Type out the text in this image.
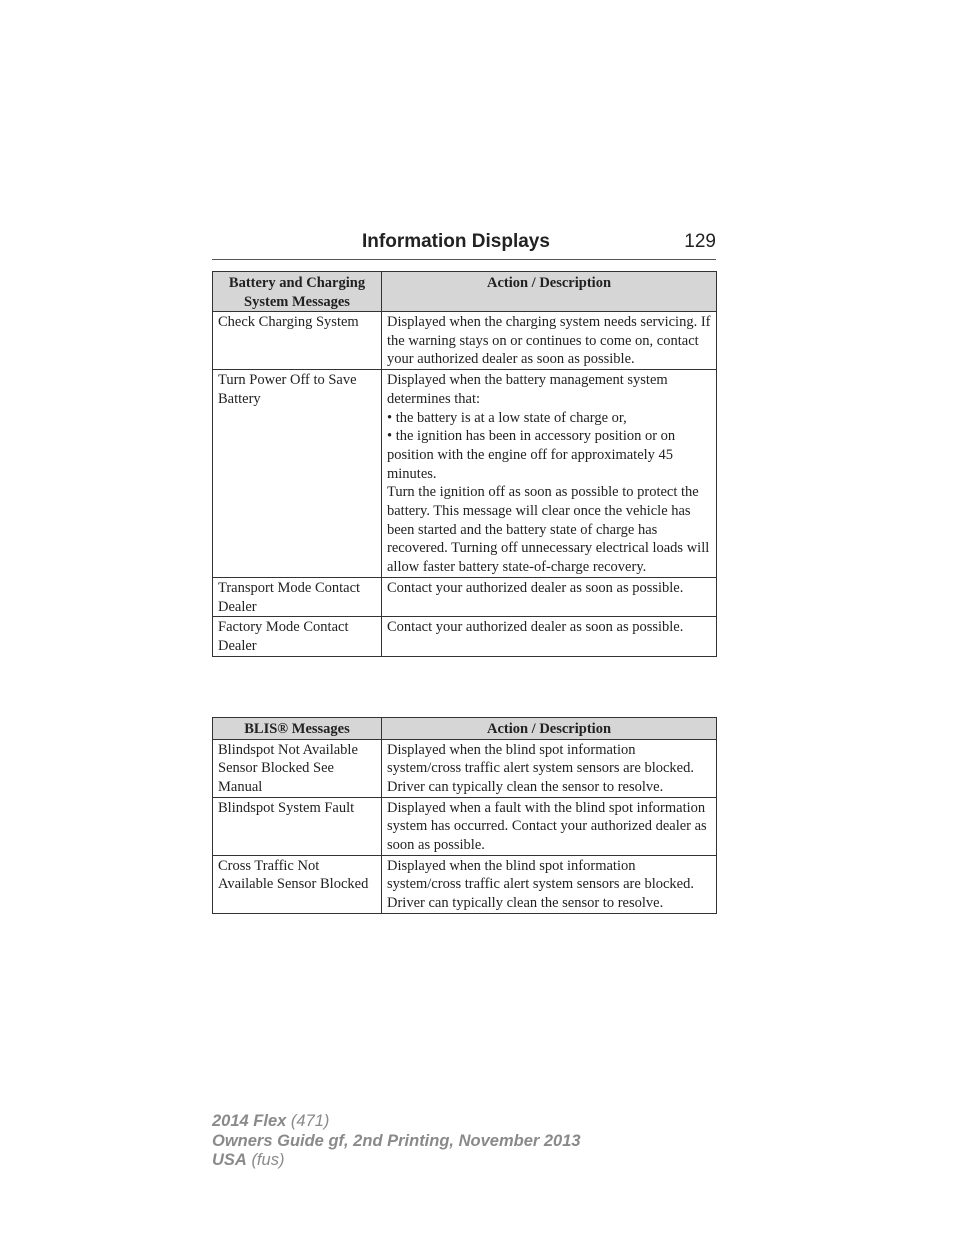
Information Displays	129
Battery and Charging System Messages	Action / Description
Check Charging System	Displayed when the charging system needs servicing. If the warning stays on or continues to come on, contact your authorized dealer as soon as possible.

Turn Power Off to Save Battery	Displayed when the battery management system determines that:

• the battery is at a low state of charge or,

• the ignition has been in accessory position or on position with the engine off for approximately 45 minutes.

Turn the ignition off as soon as possible to protect the battery. This message will clear once the vehicle has been started and the battery state of charge has recovered. Turning off unnecessary electrical loads will allow faster battery state-of-charge recovery.

Transport Mode Contact Dealer	Contact your authorized dealer as soon as possible.

Factory Mode Contact Dealer	Contact your authorized dealer as soon as possible.

BLIS® Messages	Action / Description
Blindspot Not Available Sensor Blocked See Manual	Displayed when the blind spot information system/cross traffic alert system sensors are blocked. Driver can typically clean the sensor to resolve.

Blindspot System Fault	Displayed when a fault with the blind spot information system has occurred. Contact your authorized dealer as soon as possible.

Cross Traffic Not Available Sensor Blocked	Displayed when the blind spot information system/cross traffic alert system sensors are blocked. Driver can typically clean the sensor to resolve.

2014 Flex (471)
Owners Guide gf, 2nd Printing, November 2013
USA (fus)
